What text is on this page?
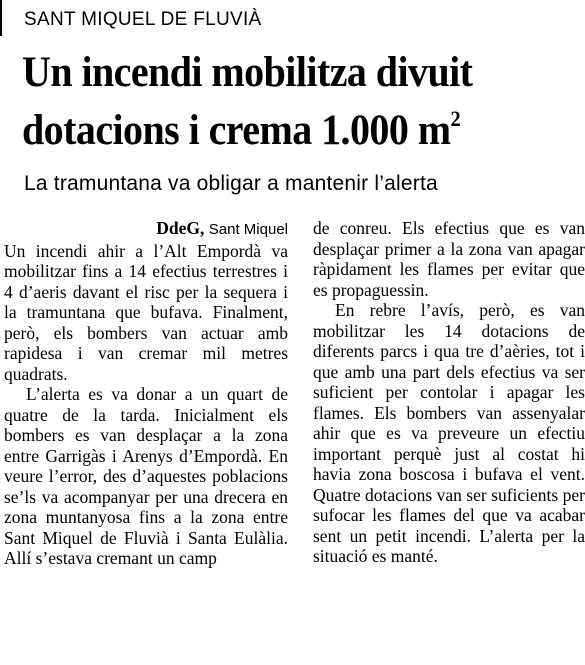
SANT MIQUEL DE FLUVIÀ
Un incendi mobilitza divuit
dotacions i crema 1.000 $m^2$
La tramuntana va obligar a mantenir l’alerta

DdeG, Sant Miquel

Un incendi ahir a l’Alt Empordà va mobilitzar fins a 14 efectius terrestres i 4 d’aeris davant el risc per la sequera i la tramuntana que bufava. Finalment, però, els bombers van actuar amb rapidesa i van cremar mil metres quadrats.

L’alerta es va donar a un quart de quatre de la tarda. Inicialment els bombers es van desplaçar a la zona entre Garrigàs i Arenys d’Empordà. En veure l’error, des d’aquestes poblacions se’ls va acompanyar per una drecera en zona muntanyosa fins a la zona entre Sant Miquel de Fluvià i Santa Eulàlia. Allí s’estava cremant un camp

de conreu. Els efectius que es van desplaçar primer a la zona van apagar ràpidament les flames per evitar que es propaguessin.

En rebre l’avís, però, es van mobilitzar les 14 dotacions de diferents parcs i qua tre d’aèries, tot i que amb una part dels efectius va ser suficient per contolar i apagar les flames. Els bombers van assenyalar ahir que es va preveure un efectiu important perquè just al costat hi havia zona boscosa i bufava el vent. Quatre dotacions van ser suficients per sufocar les flames del que va acabar sent un petit incendi. L’alerta per la situació es manté.
